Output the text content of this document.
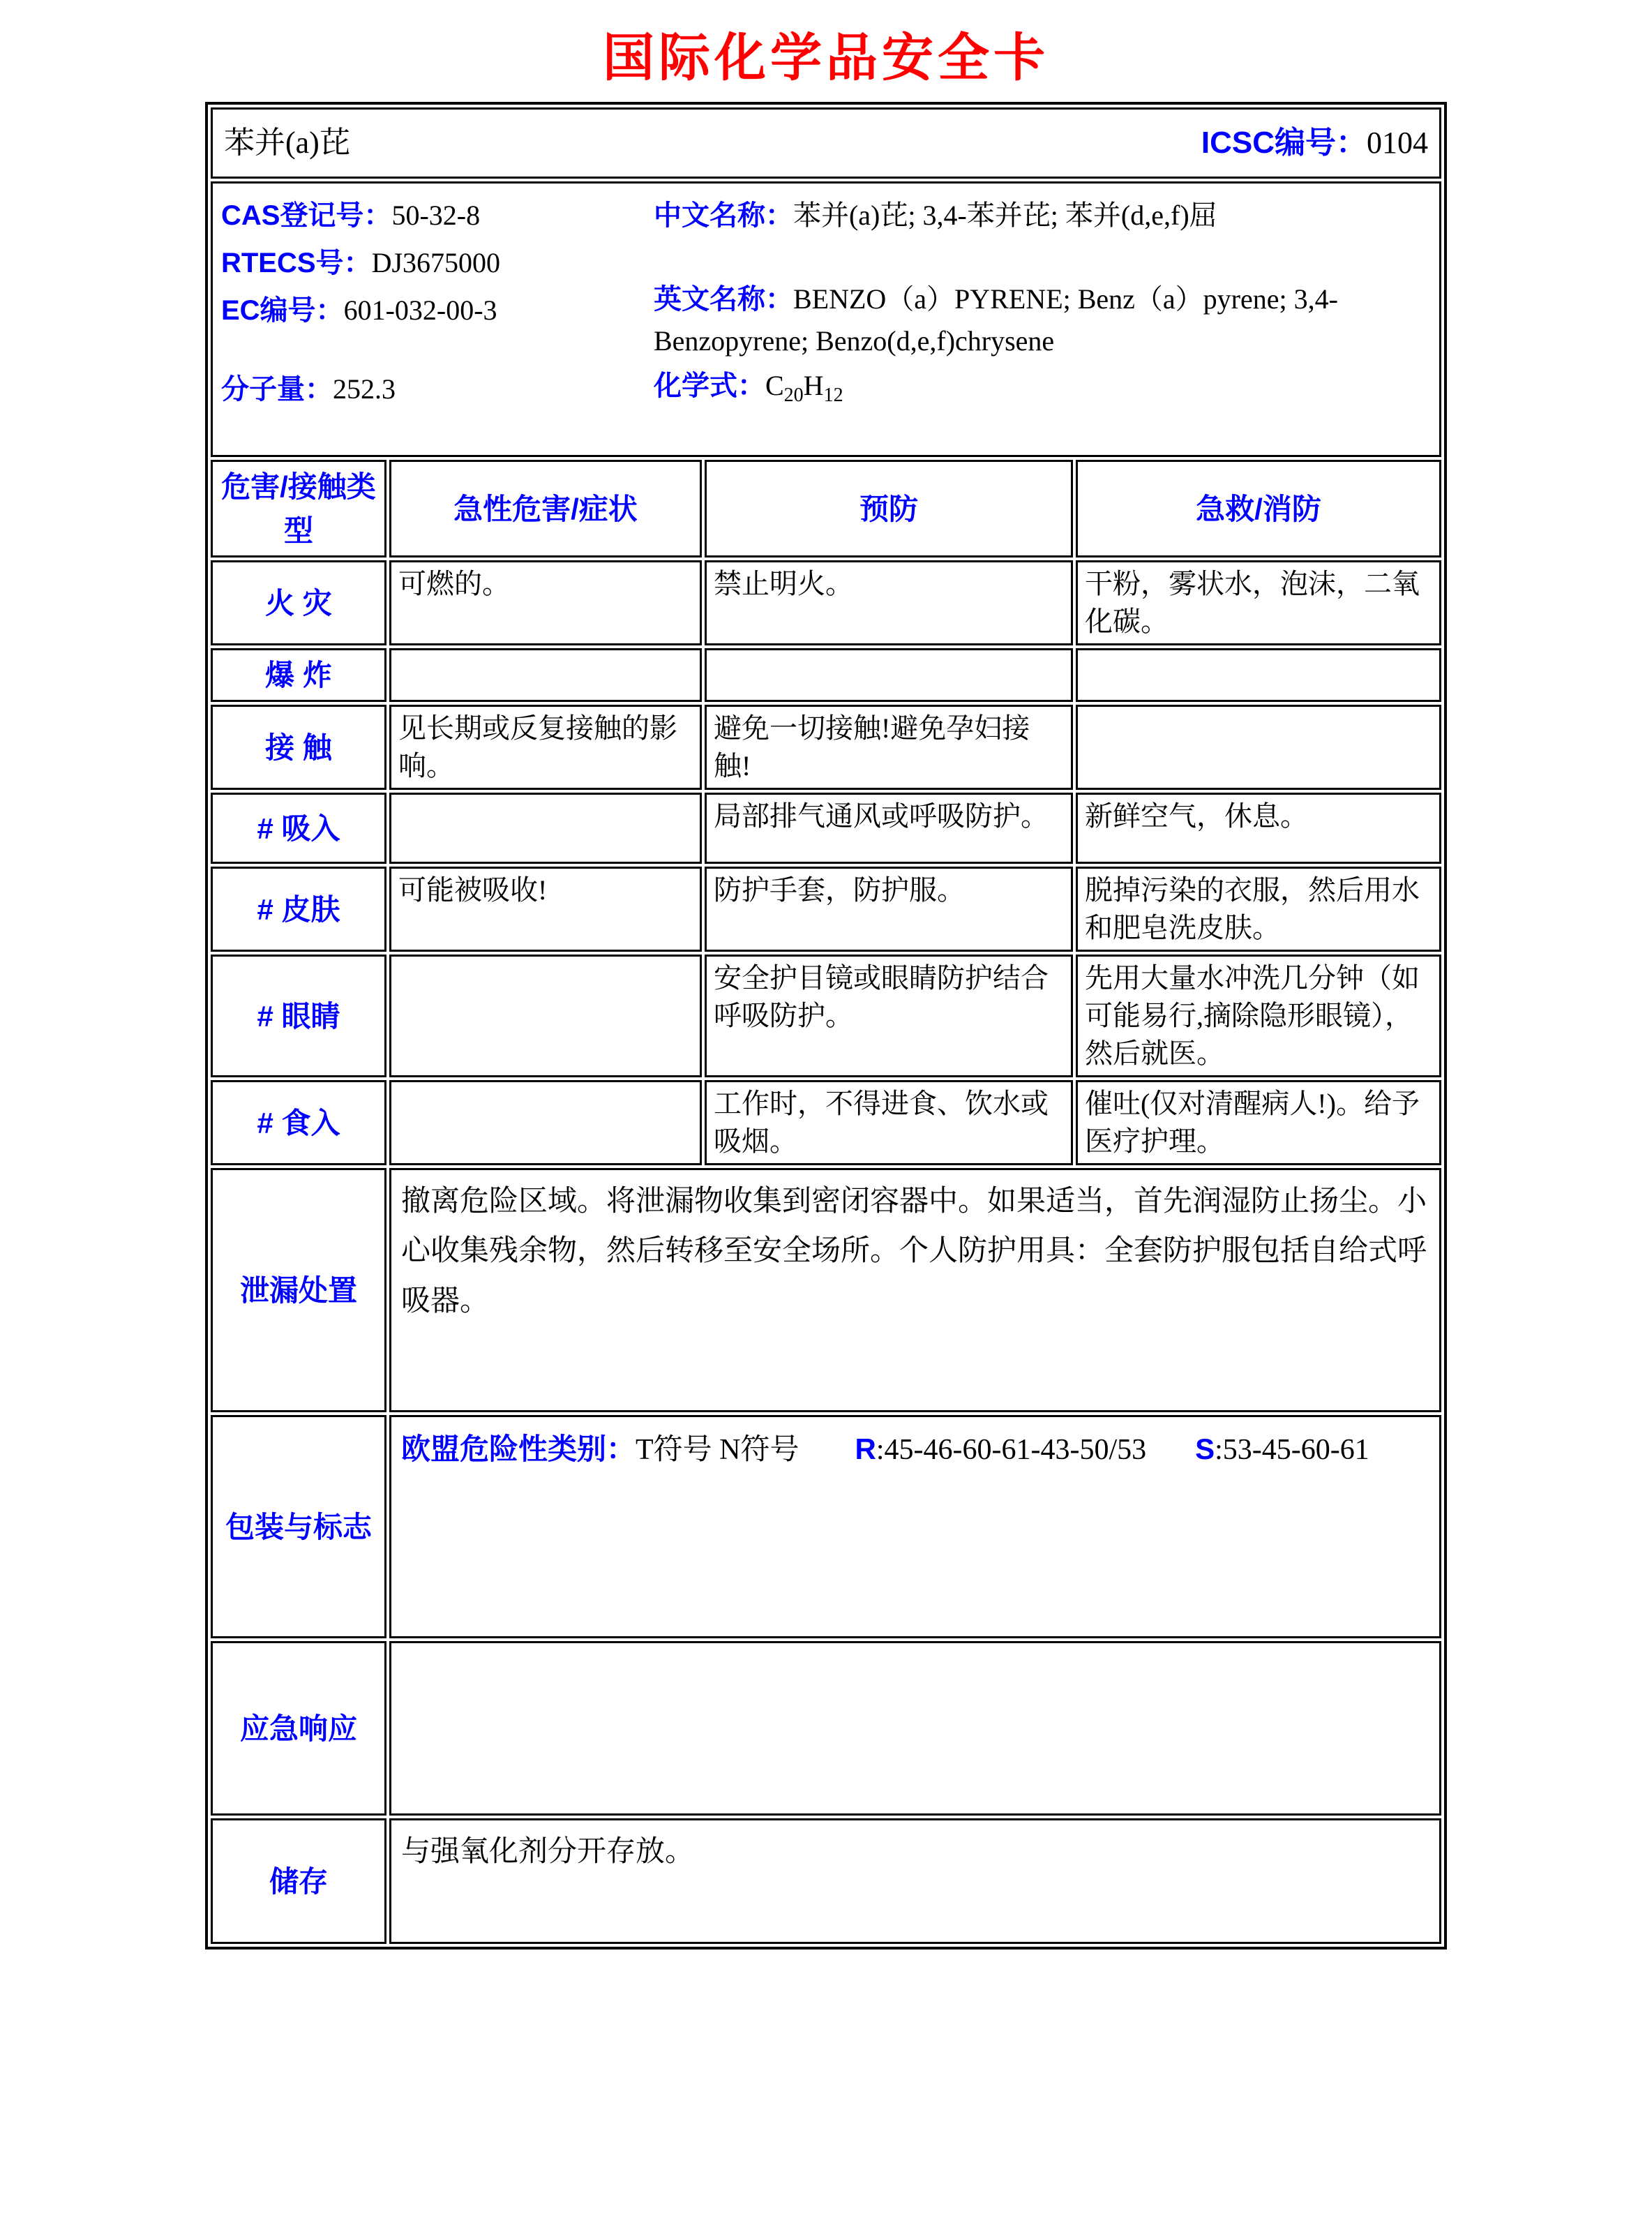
国际化学品安全卡
苯并(a)芘 ICSC编号：0104			

CAS登记号：50-32-8
RTECS号：DJ3675000
EC编号：601-032-00-3
分子量：252.3
中文名称：苯并(a)芘; 3,4-苯并芘; 苯并(d,e,f)屈
英文名称：BENZO（a）PYRENE; Benz（a）pyrene; 3,4-Benzopyrene; Benzo(d,e,f)chrysene
化学式：$C_{20}H_{12}$

危害/接触类型	急性危害/症状	预防	急救/消防
火 灾	可燃的。	禁止明火。	干粉，雾状水，泡沫，二氧化碳。
爆 炸			
接 触	见长期或反复接触的影响。	避免一切接触!避免孕妇接触!	
# 吸入		局部排气通风或呼吸防护。	新鲜空气，休息。
# 皮肤	可能被吸收!	防护手套，防护服。	脱掉污染的衣服，然后用水和肥皂洗皮肤。
# 眼睛		安全护目镜或眼睛防护结合呼吸防护。	先用大量水冲洗几分钟（如可能易行,摘除隐形眼镜），然后就医。
# 食入		工作时，不得进食、饮水或吸烟。	催吐(仅对清醒病人!)。给予医疗护理。
泄漏处置	撤离危险区域。将泄漏物收集到密闭容器中。如果适当，首先润湿防止扬尘。小心收集残余物，然后转移至安全场所。个人防护用具：全套防护服包括自给式呼吸器。		
包装与标志	欧盟危险性类别：T符号 N符号 R:45-46-60-61-43-50/53 S:53-45-60-61		
应急响应			
储存	与强氧化剂分开存放。		
